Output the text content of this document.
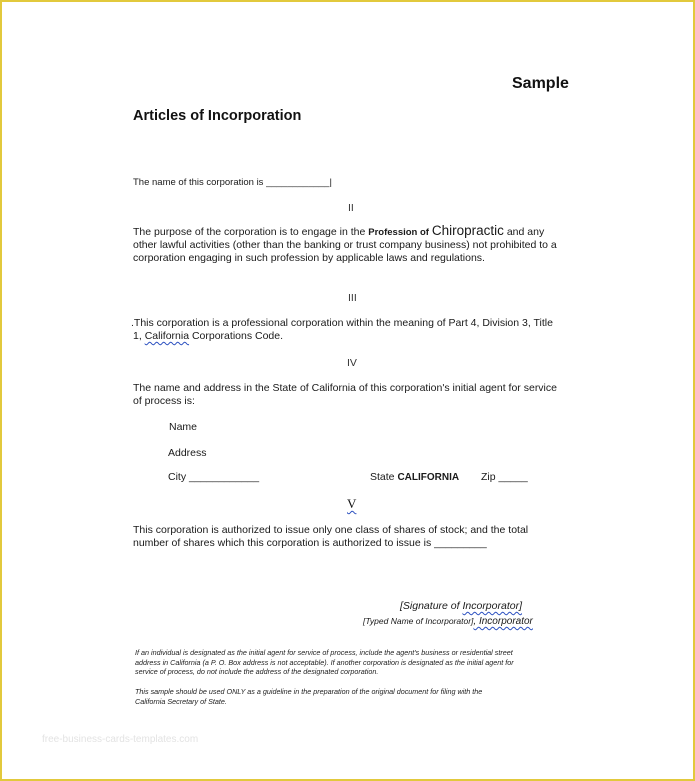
Sample
Articles of Incorporation
The name of this corporation is ____________|
II
The purpose of the corporation is to engage in the Profession of Chiropractic and any
other lawful activities (other than the banking or trust company business) not prohibited to a
corporation engaging in such profession by applicable laws and regulations.
III
.This corporation is a professional corporation within the meaning of Part 4, Division 3, Title
1, California Corporations Code.
IV
The name and address in the State of California of this corporation's initial agent for service
of process is:
Name
Address
City ____________	State CALIFORNIA Zip _____
V
This corporation is authorized to issue only one class of shares of stock; and the total
number of shares which this corporation is authorized to issue is _________
[Signature of Incorporator]
[Typed Name of Incorporator], Incorporator
If an individual is designated as the initial agent for service of process, include the agent's business or residential street
address in California (a P. O. Box address is not acceptable). If another corporation is designated as the initial agent for
service of process, do not include the address of the designated corporation.
This sample should be used ONLY as a guideline in the preparation of the original document for filing with the
California Secretary of State.
free-business-cards-templates.com
